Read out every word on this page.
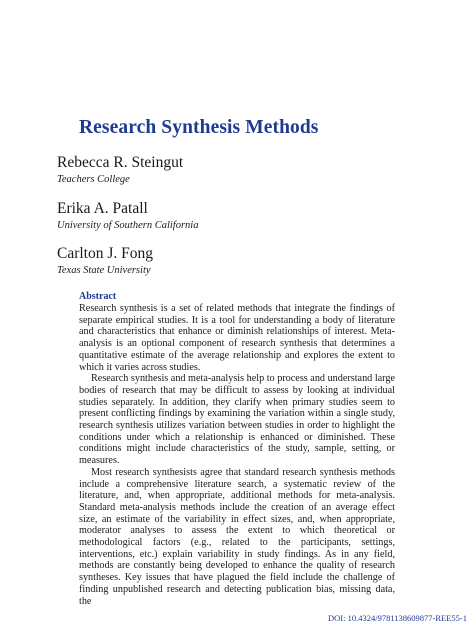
Research Synthesis Methods
Rebecca R. Steingut
Teachers College
Erika A. Patall
University of Southern California
Carlton J. Fong
Texas State University
Abstract

Research synthesis is a set of related methods that integrate the findings of separate empirical studies. It is a tool for understanding a body of literature and characteristics that enhance or diminish relationships of interest. Meta-analysis is an optional component of research synthesis that determines a quantitative estimate of the average relationship and explores the extent to which it varies across studies.

Research synthesis and meta-analysis help to process and understand large bodies of research that may be difficult to assess by looking at individual studies separately. In addition, they clarify when primary studies seem to present conflicting findings by examining the variation within a single study, research synthesis utilizes variation between studies in order to highlight the conditions under which a relationship is enhanced or diminished. These conditions might include characteristics of the study, sample, setting, or measures.

Most research synthesists agree that standard research synthesis methods include a comprehensive literature search, a systematic review of the literature, and, when appropriate, additional methods for meta-analysis. Standard meta-analysis methods include the creation of an average effect size, an estimate of the variability in effect sizes, and, when appropriate, moderator analyses to assess the extent to which theoretical or methodological factors (e.g., related to the participants, settings, interventions, etc.) explain variability in study findings. As in any field, methods are constantly being developed to enhance the quality of research syntheses. Key issues that have plagued the field include the challenge of finding unpublished research and detecting publication bias, missing data, the

DOI: 10.4324/9781138609877-REE55-1
